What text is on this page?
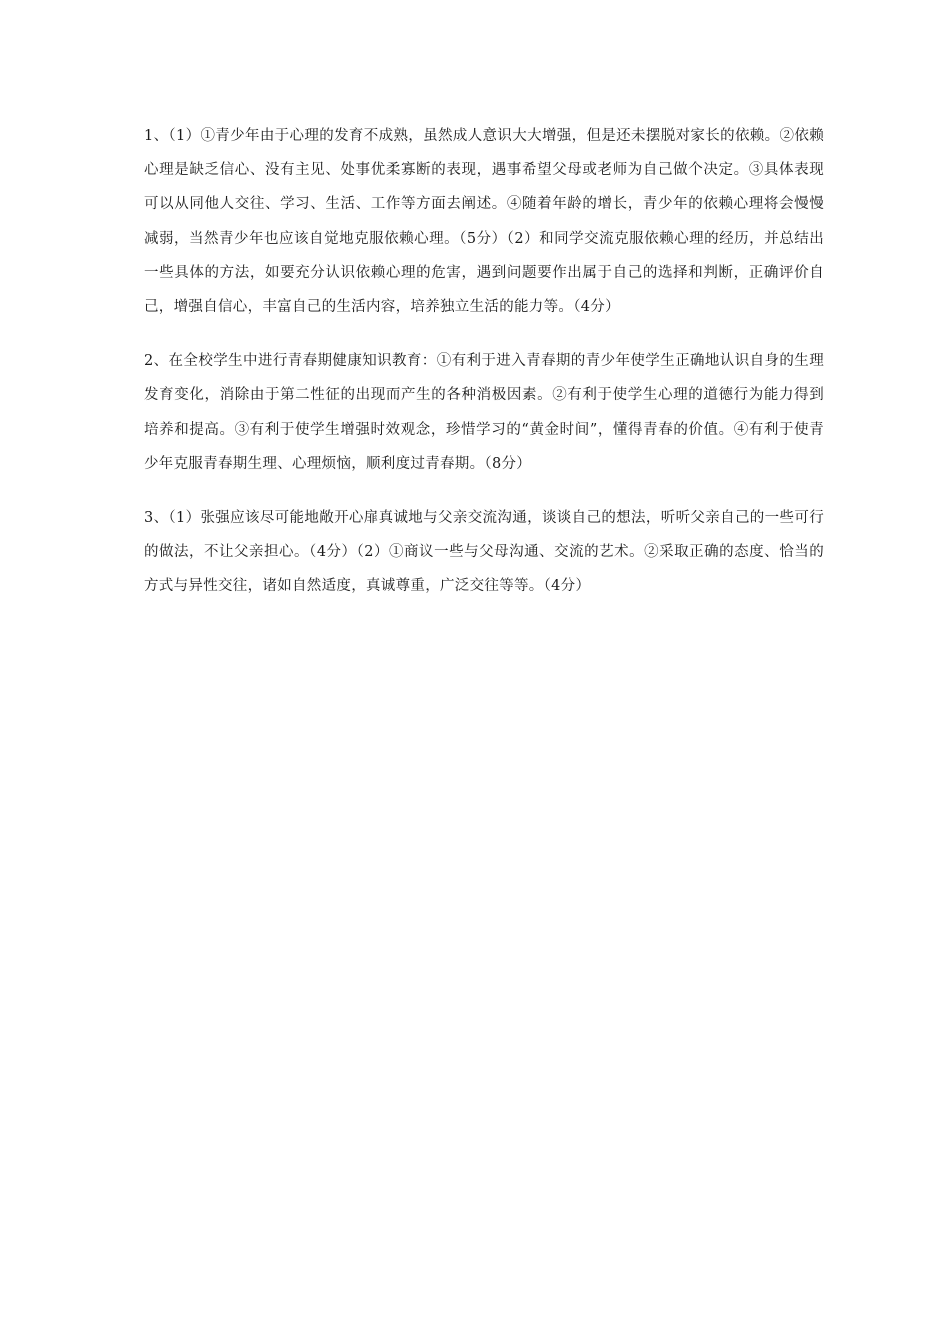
1、（1）①青少年由于心理的发育不成熟，虽然成人意识大大增强，但是还未摆脱对家长的依赖。②依赖心理是缺乏信心、没有主见、处事优柔寡断的表现，遇事希望父母或老师为自己做个决定。③具体表现可以从同他人交往、学习、生活、工作等方面去阐述。④随着年龄的增长，青少年的依赖心理将会慢慢减弱，当然青少年也应该自觉地克服依赖心理。（5分）（2）和同学交流克服依赖心理的经历，并总结出一些具体的方法，如要充分认识依赖心理的危害，遇到问题要作出属于自己的选择和判断，正确评价自己，增强自信心，丰富自己的生活内容，培养独立生活的能力等。（4分）

2、在全校学生中进行青春期健康知识教育：①有利于进入青春期的青少年使学生正确地认识自身的生理发育变化，消除由于第二性征的出现而产生的各种消极因素。②有利于使学生心理的道德行为能力得到培养和提高。③有利于使学生增强时效观念，珍惜学习的“黄金时间”，懂得青春的价值。④有利于使青少年克服青春期生理、心理烦恼，顺利度过青春期。（8分）

3、（1）张强应该尽可能地敞开心扉真诚地与父亲交流沟通，谈谈自己的想法，听听父亲自己的一些可行的做法，不让父亲担心。（4分）（2）①商议一些与父母沟通、交流的艺术。②采取正确的态度、恰当的方式与异性交往，诸如自然适度，真诚尊重，广泛交往等等。（4分）
